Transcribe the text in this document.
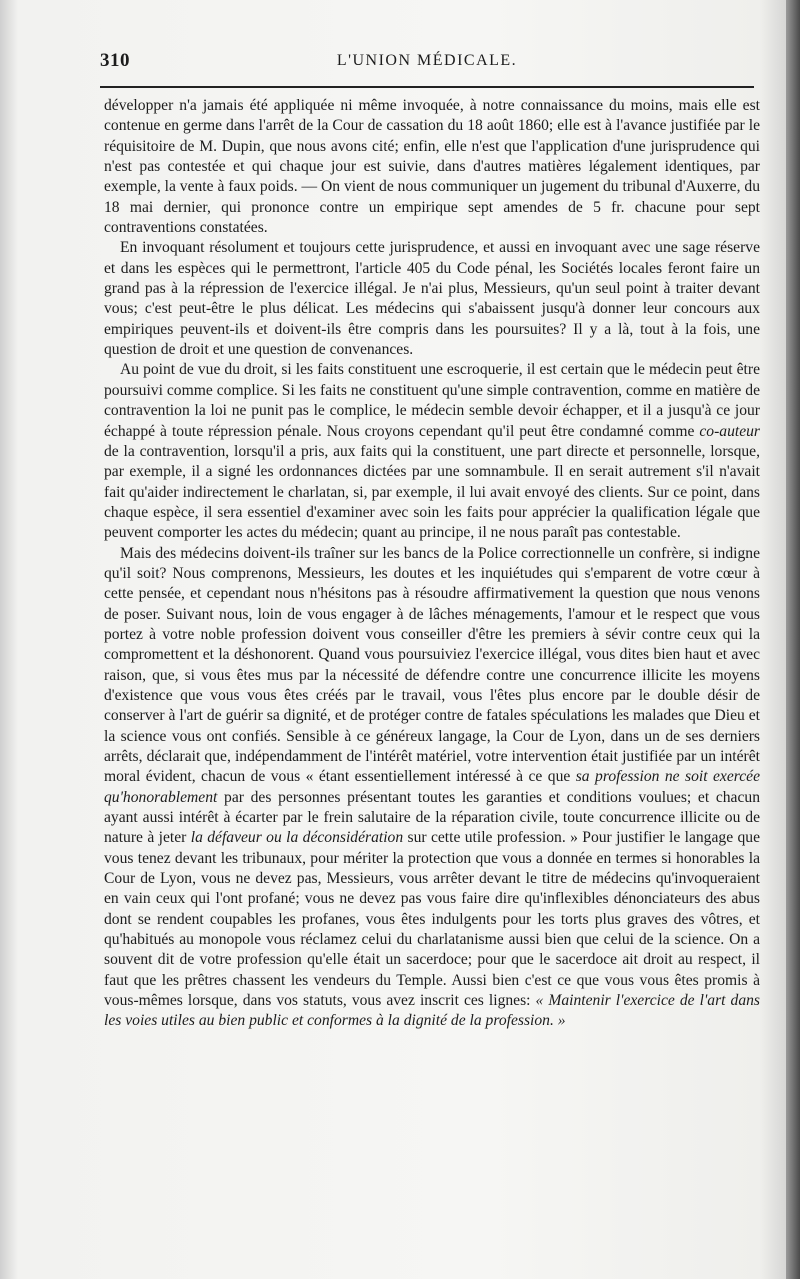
310	L'UNION MÉDICALE.

développer n'a jamais été appliquée ni même invoquée, à notre connaissance du moins, mais elle est contenue en germe dans l'arrêt de la Cour de cassation du 18 août 1860; elle est à l'avance justifiée par le réquisitoire de M. Dupin, que nous avons cité; enfin, elle n'est que l'application d'une jurisprudence qui n'est pas contestée et qui chaque jour est suivie, dans d'autres matières légalement identiques, par exemple, la vente à faux poids. — On vient de nous communiquer un jugement du tribunal d'Auxerre, du 18 mai dernier, qui prononce contre un empirique sept amendes de 5 fr. chacune pour sept contraventions constatées.

En invoquant résolument et toujours cette jurisprudence, et aussi en invoquant avec une sage réserve et dans les espèces qui le permettront, l'article 405 du Code pénal, les Sociétés locales feront faire un grand pas à la répression de l'exercice illégal. Je n'ai plus, Messieurs, qu'un seul point à traiter devant vous; c'est peut-être le plus délicat. Les médecins qui s'abaissent jusqu'à donner leur concours aux empiriques peuvent-ils et doivent-ils être compris dans les poursuites? Il y a là, tout à la fois, une question de droit et une question de convenances.

Au point de vue du droit, si les faits constituent une escroquerie, il est certain que le médecin peut être poursuivi comme complice. Si les faits ne constituent qu'une simple contravention, comme en matière de contravention la loi ne punit pas le complice, le médecin semble devoir échapper, et il a jusqu'à ce jour échappé à toute répression pénale. Nous croyons cependant qu'il peut être condamné comme co-auteur de la contravention, lorsqu'il a pris, aux faits qui la constituent, une part directe et personnelle, lorsque, par exemple, il a signé les ordonnances dictées par une somnambule. Il en serait autrement s'il n'avait fait qu'aider indirectement le charlatan, si, par exemple, il lui avait envoyé des clients. Sur ce point, dans chaque espèce, il sera essentiel d'examiner avec soin les faits pour apprécier la qualification légale que peuvent comporter les actes du médecin; quant au principe, il ne nous paraît pas contestable.

Mais des médecins doivent-ils traîner sur les bancs de la Police correctionnelle un confrère, si indigne qu'il soit? Nous comprenons, Messieurs, les doutes et les inquiétudes qui s'emparent de votre cœur à cette pensée, et cependant nous n'hésitons pas à résoudre affirmativement la question que nous venons de poser. Suivant nous, loin de vous engager à de lâches ménagements, l'amour et le respect que vous portez à votre noble profession doivent vous conseiller d'être les premiers à sévir contre ceux qui la compromettent et la déshonorent. Quand vous poursuiviez l'exercice illégal, vous dites bien haut et avec raison, que, si vous êtes mus par la nécessité de défendre contre une concurrence illicite les moyens d'existence que vous vous êtes créés par le travail, vous l'êtes plus encore par le double désir de conserver à l'art de guérir sa dignité, et de protéger contre de fatales spéculations les malades que Dieu et la science vous ont confiés. Sensible à ce généreux langage, la Cour de Lyon, dans un de ses derniers arrêts, déclarait que, indépendamment de l'intérêt matériel, votre intervention était justifiée par un intérêt moral évident, chacun de vous « étant essentiellement intéressé à ce que sa profession ne soit exercée qu'honorablement par des personnes présentant toutes les garanties et conditions voulues; et chacun ayant aussi intérêt à écarter par le frein salutaire de la réparation civile, toute concurrence illicite ou de nature à jeter la défaveur ou la déconsidération sur cette utile profession. » Pour justifier le langage que vous tenez devant les tribunaux, pour mériter la protection que vous a donnée en termes si honorables la Cour de Lyon, vous ne devez pas, Messieurs, vous arrêter devant le titre de médecins qu'invoqueraient en vain ceux qui l'ont profané; vous ne devez pas vous faire dire qu'inflexibles dénonciateurs des abus dont se rendent coupables les profanes, vous êtes indulgents pour les torts plus graves des vôtres, et qu'habitués au monopole vous réclamez celui du charlatanisme aussi bien que celui de la science. On a souvent dit de votre profession qu'elle était un sacerdoce; pour que le sacerdoce ait droit au respect, il faut que les prêtres chassent les vendeurs du Temple. Aussi bien c'est ce que vous vous êtes promis à vous-mêmes lorsque, dans vos statuts, vous avez inscrit ces lignes: « Maintenir l'exercice de l'art dans les voies utiles au bien public et conformes à la dignité de la profession. »
